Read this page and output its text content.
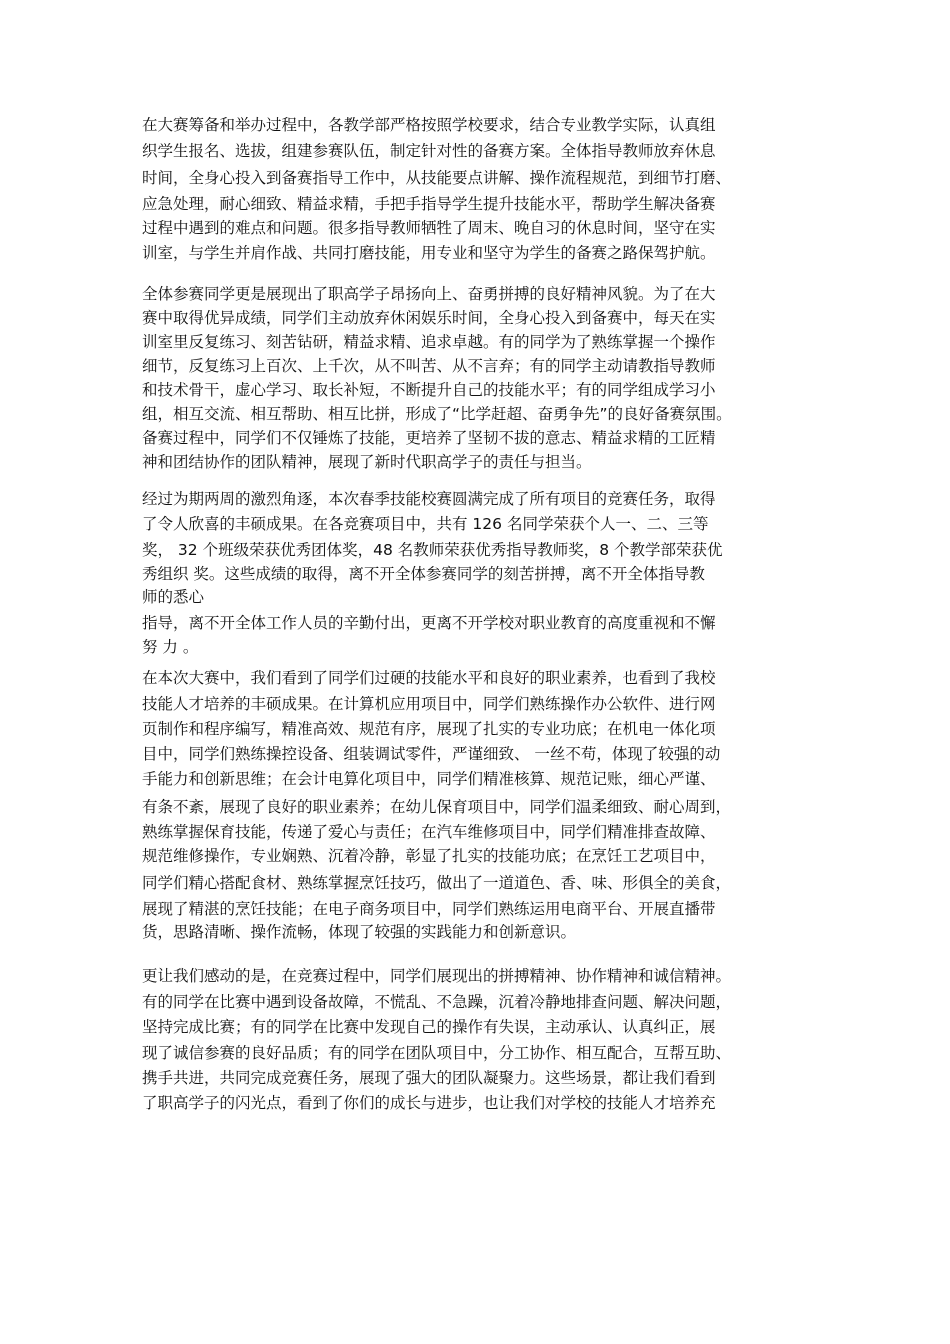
在大赛筹备和举办过程中，各教学部严格按照学校要求，结合专业教学实际，认真组
织学生报名、选拔，组建参赛队伍，制定针对性的备赛方案。全体指导教师放弃休息
时间，全身心投入到备赛指导工作中，从技能要点讲解、操作流程规范，到细节打磨、
应急处理，耐心细致、精益求精，手把手指导学生提升技能水平，帮助学生解决备赛
过程中遇到的难点和问题。很多指导教师牺牲了周末、晚自习的休息时间，坚守在实
训室，与学生并肩作战、共同打磨技能，用专业和坚守为学生的备赛之路保驾护航。
全体参赛同学更是展现出了职高学子昂扬向上、奋勇拼搏的良好精神风貌。为了在大
赛中取得优异成绩，同学们主动放弃休闲娱乐时间，全身心投入到备赛中，每天在实
训室里反复练习、刻苦钻研，精益求精、追求卓越。有的同学为了熟练掌握一个操作
细节，反复练习上百次、上千次，从不叫苦、从不言弃；有的同学主动请教指导教师
和技术骨干，虚心学习、取长补短，不断提升自己的技能水平；有的同学组成学习小
组，相互交流、相互帮助、相互比拼，形成了“比学赶超、奋勇争先”的良好备赛氛围。
备赛过程中，同学们不仅锤炼了技能，更培养了坚韧不拔的意志、精益求精的工匠精
神和团结协作的团队精神，展现了新时代职高学子的责任与担当。
经过为期两周的激烈角逐，本次春季技能校赛圆满完成了所有项目的竞赛任务，取得
了令人欣喜的丰硕成果。在各竞赛项目中，共有 126 名同学荣获个人一、二、三等
奖， 32 个班级荣获优秀团体奖，48 名教师荣获优秀指导教师奖，8 个教学部荣获优
秀组织 奖。这些成绩的取得，离不开全体参赛同学的刻苦拼搏，离不开全体指导教
师的悉心
指导，离不开全体工作人员的辛勤付出，更离不开学校对职业教育的高度重视和不懈
努 力 。
在本次大赛中，我们看到了同学们过硬的技能水平和良好的职业素养，也看到了我校
技能人才培养的丰硕成果。在计算机应用项目中，同学们熟练操作办公软件、进行网
页制作和程序编写，精准高效、规范有序，展现了扎实的专业功底；在机电一体化项
目中，同学们熟练操控设备、组装调试零件，严谨细致、 一丝不苟，体现了较强的动
手能力和创新思维；在会计电算化项目中，同学们精准核算、规范记账，细心严谨、
有条不紊，展现了良好的职业素养；在幼儿保育项目中，同学们温柔细致、耐心周到，
熟练掌握保育技能，传递了爱心与责任；在汽车维修项目中，同学们精准排查故障、
规范维修操作，专业娴熟、沉着冷静，彰显了扎实的技能功底；在烹饪工艺项目中，
同学们精心搭配食材、熟练掌握烹饪技巧，做出了一道道色、香、味、形俱全的美食，
展现了精湛的烹饪技能；在电子商务项目中，同学们熟练运用电商平台、开展直播带
货，思路清晰、操作流畅，体现了较强的实践能力和创新意识。
更让我们感动的是，在竞赛过程中，同学们展现出的拼搏精神、协作精神和诚信精神。
有的同学在比赛中遇到设备故障，不慌乱、不急躁，沉着冷静地排查问题、解决问题，
坚持完成比赛；有的同学在比赛中发现自己的操作有失误，主动承认、认真纠正，展
现了诚信参赛的良好品质；有的同学在团队项目中，分工协作、相互配合，互帮互助、
携手共进，共同完成竞赛任务，展现了强大的团队凝聚力。这些场景，都让我们看到
了职高学子的闪光点，看到了你们的成长与进步，也让我们对学校的技能人才培养充
